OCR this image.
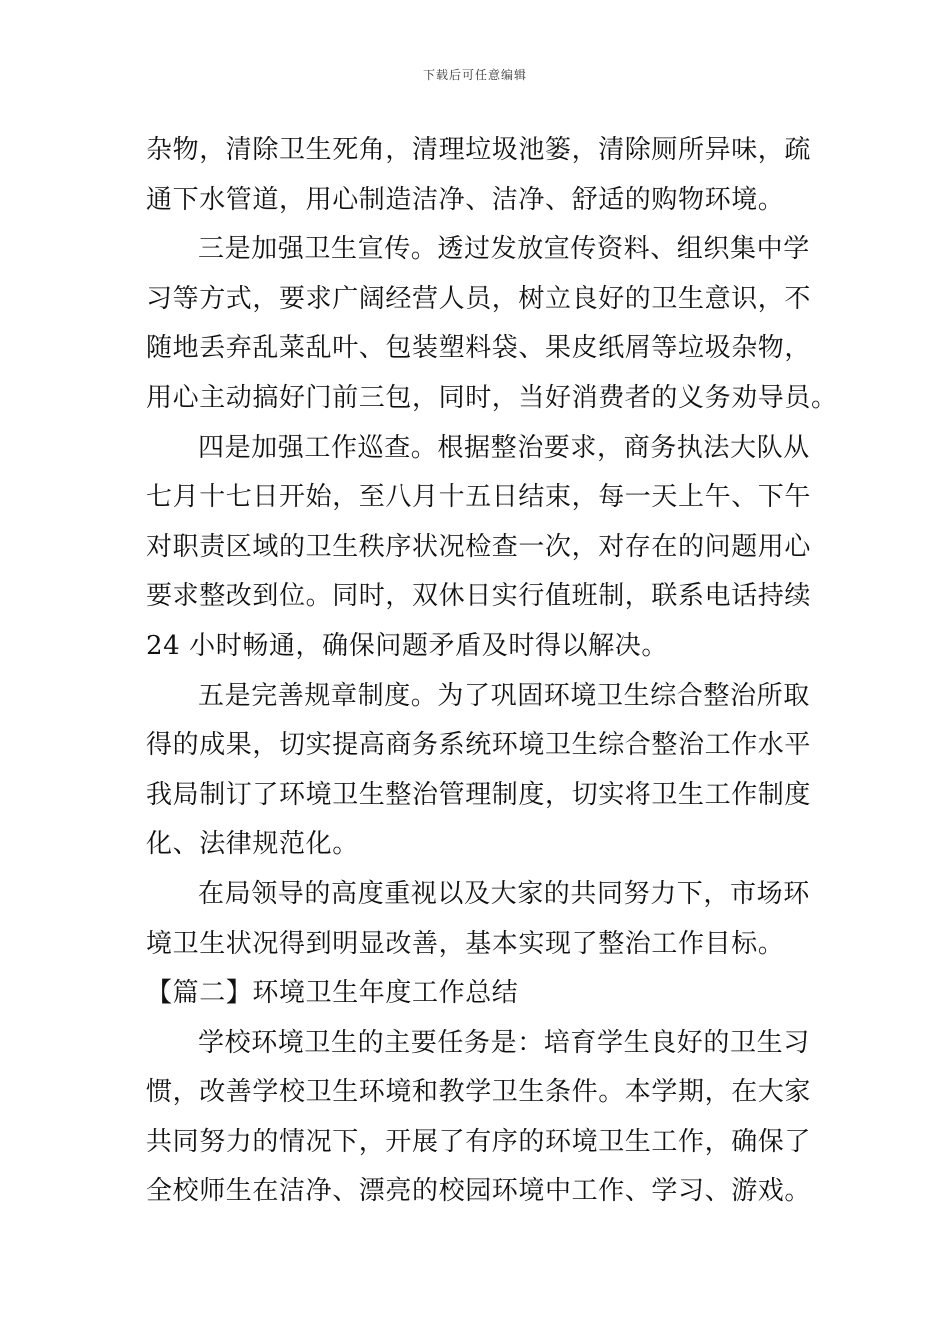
下载后可任意编辑
杂物，清除卫生死角，清理垃圾池篓，清除厕所异味，疏
通下水管道，用心制造洁净、洁净、舒适的购物环境。
三是加强卫生宣传。透过发放宣传资料、组织集中学
习等方式，要求广阔经营人员，树立良好的卫生意识，不
随地丢弃乱菜乱叶、包装塑料袋、果皮纸屑等垃圾杂物，
用心主动搞好门前三包，同时，当好消费者的义务劝导员。
四是加强工作巡查。根据整治要求，商务执法大队从
七月十七日开始，至八月十五日结束，每一天上午、下午
对职责区域的卫生秩序状况检查一次，对存在的问题用心
要求整改到位。同时，双休日实行值班制，联系电话持续
24 小时畅通，确保问题矛盾及时得以解决。
五是完善规章制度。为了巩固环境卫生综合整治所取
得的成果，切实提高商务系统环境卫生综合整治工作水平
我局制订了环境卫生整治管理制度，切实将卫生工作制度
化、法律规范化。
在局领导的高度重视以及大家的共同努力下，市场环
境卫生状况得到明显改善，基本实现了整治工作目标。
【篇二】环境卫生年度工作总结
学校环境卫生的主要任务是：培育学生良好的卫生习
惯，改善学校卫生环境和教学卫生条件。本学期，在大家
共同努力的情况下，开展了有序的环境卫生工作，确保了
全校师生在洁净、漂亮的校园环境中工作、学习、游戏。
